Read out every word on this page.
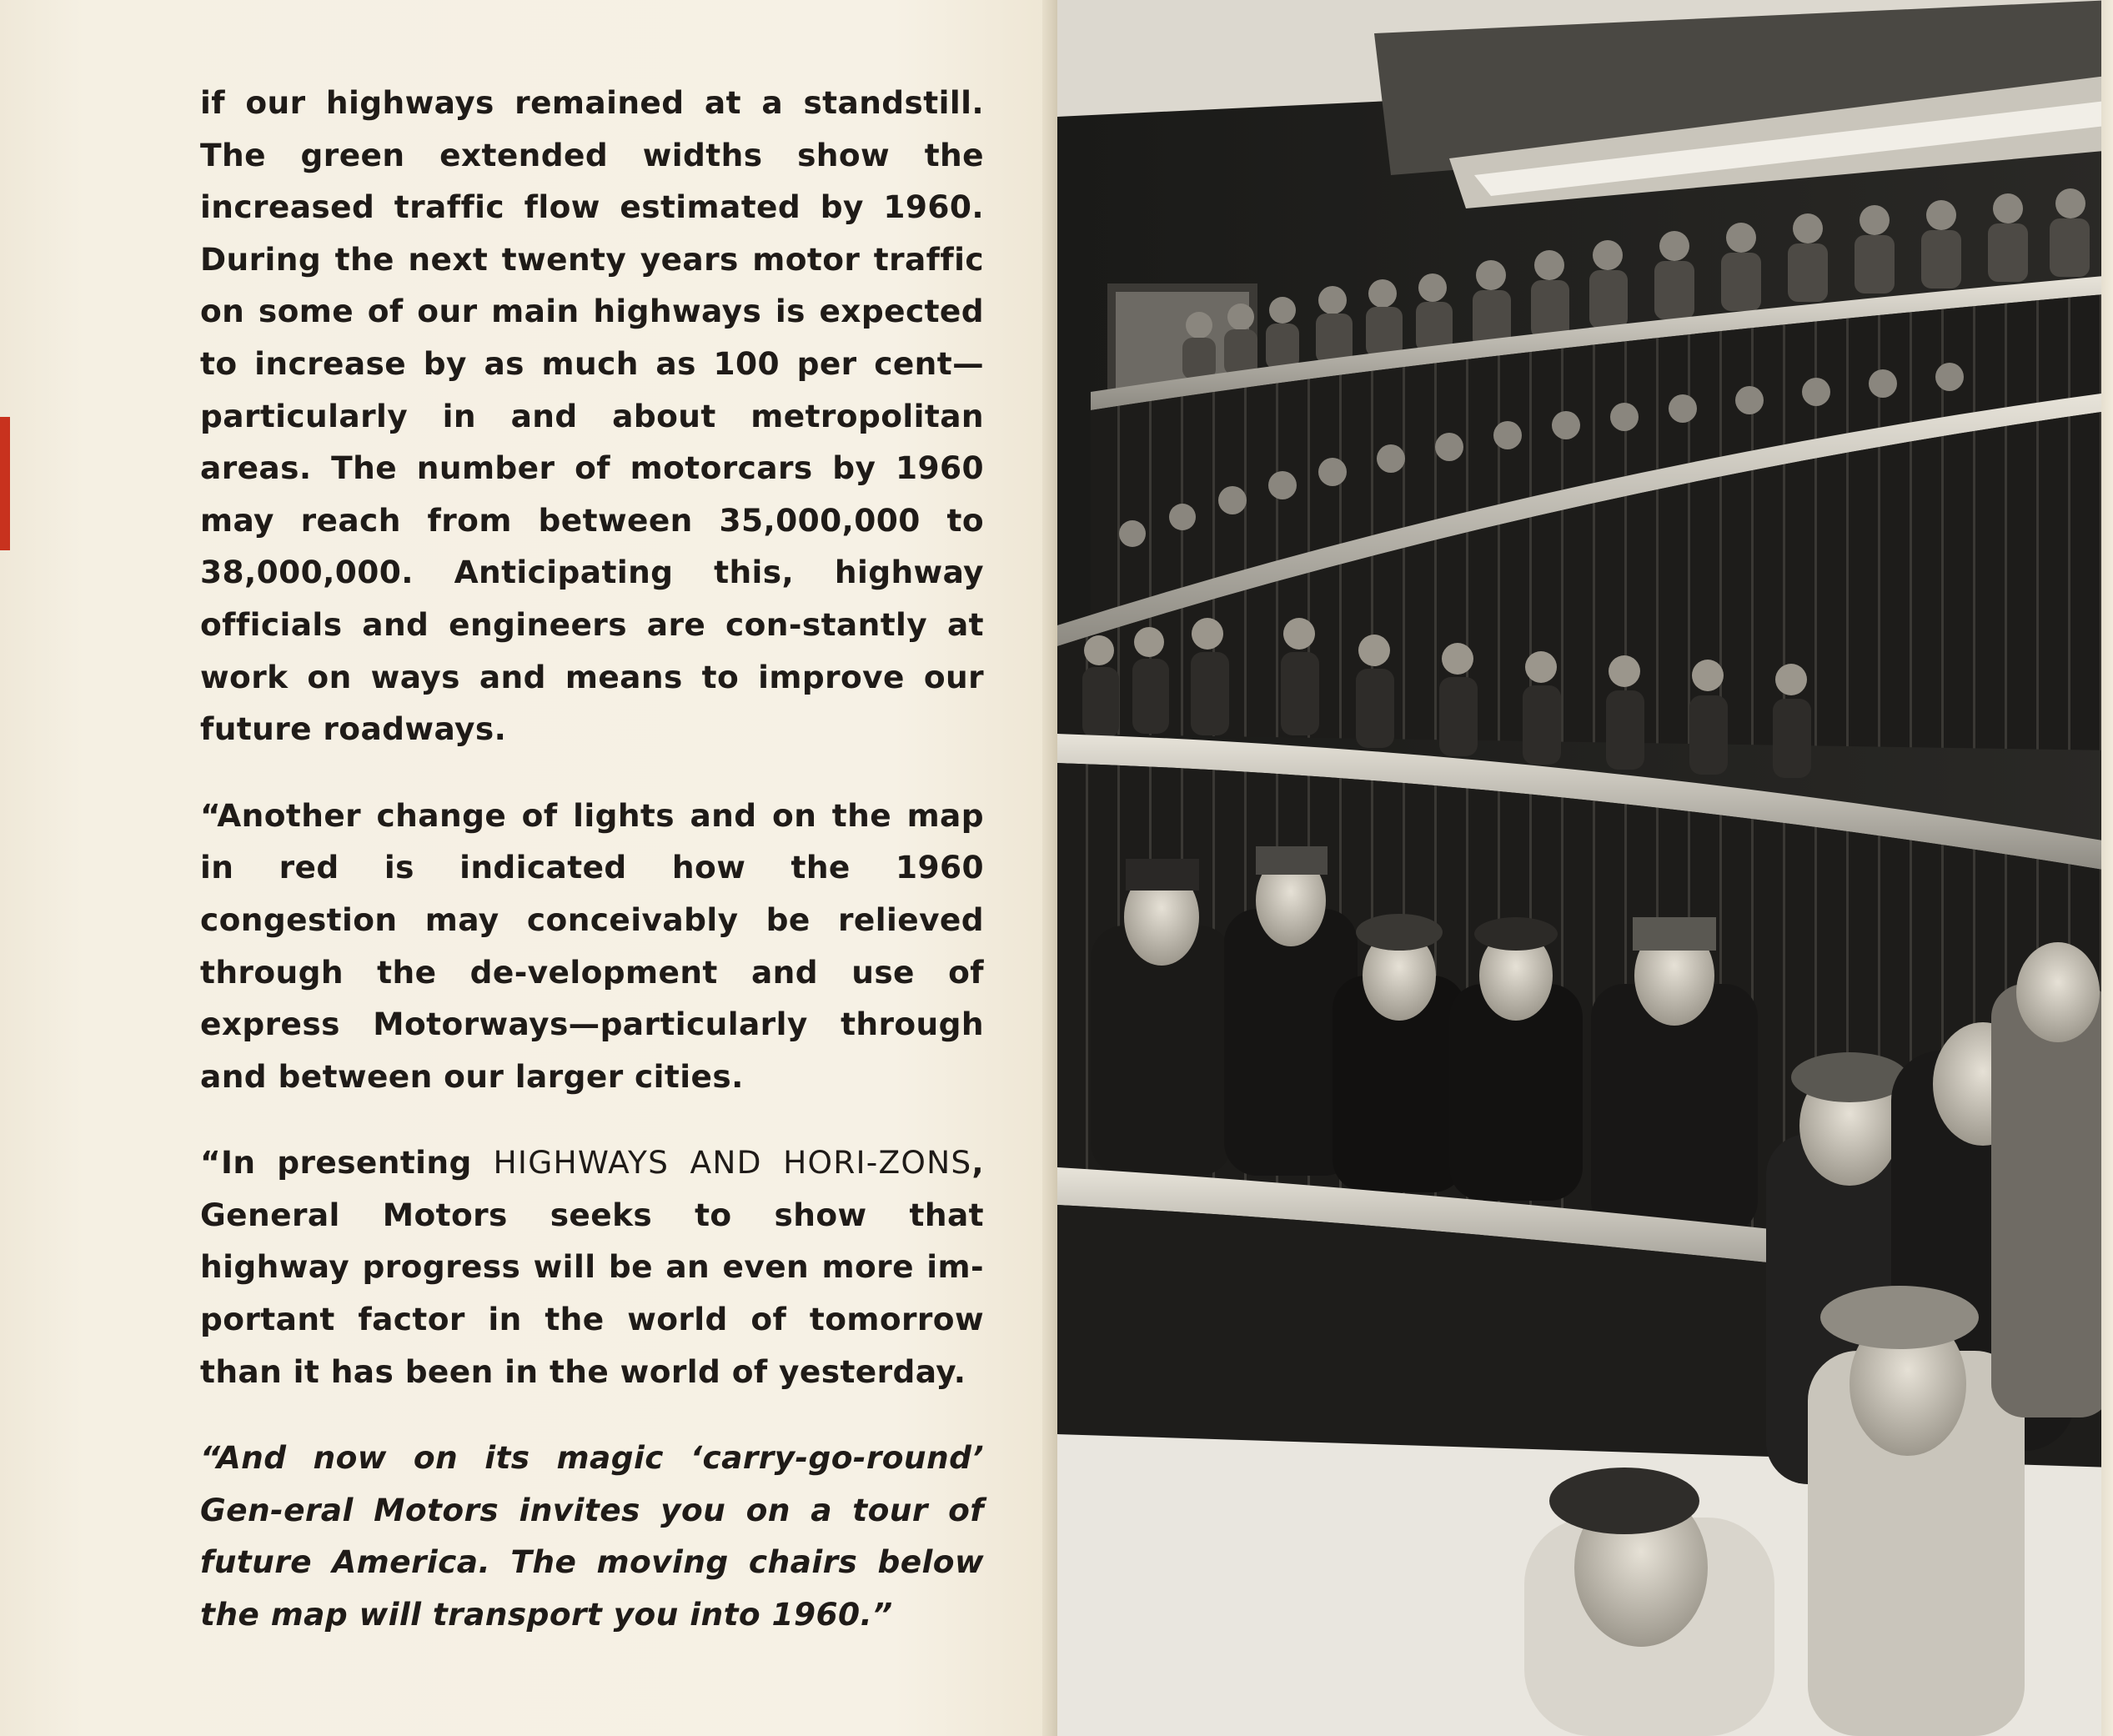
if our highways remained at a standstill. The green extended widths show the increased traffic flow estimated by 1960. During the next twenty years motor traffic on some of our main highways is expected to increase by as much as 100 per cent—particularly in and about metropolitan areas. The number of motorcars by 1960 may reach from between 35,000,000 to 38,000,000. Anticipating this, highway officials and engineers are con-stantly at work on ways and means to improve our future roadways.

“Another change of lights and on the map in red is indicated how the 1960 congestion may conceivably be relieved through the de-velopment and use of express Motorways—particularly through and between our larger cities.

“In presenting HIGHWAYS AND HORI-ZONS, General Motors seeks to show that highway progress will be an even more im-portant factor in the world of tomorrow than it has been in the world of yesterday.

“And now on its magic ‘carry-go-round’ Gen-eral Motors invites you on a tour of future America. The moving chairs below the map will transport you into 1960.”
